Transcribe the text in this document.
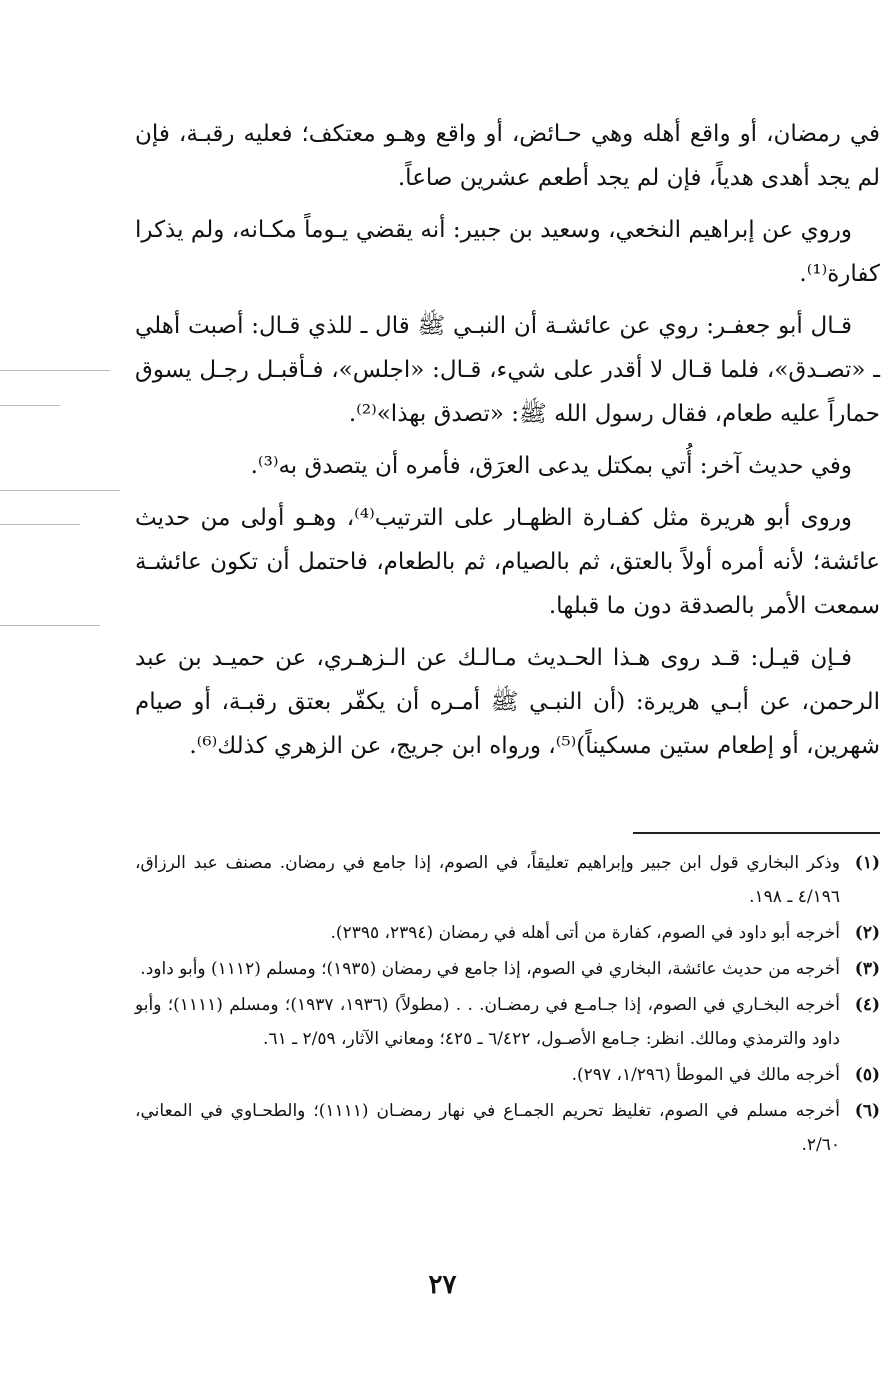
في رمضان، أو واقع أهله وهي حـائض، أو واقع وهـو معتكف؛ فعليه رقبـة، فإن لم يجد أهدى هدياً، فإن لم يجد أطعم عشرين صاعاً.

وروي عن إبراهيم النخعي، وسعيد بن جبير: أنه يقضي يـوماً مكـانه، ولم يذكرا كفارة⁽¹⁾.

قـال أبو جعفـر: روي عن عائشـة أن النبـي ﷺ قال ـ للذي قـال: أصبت أهلي ـ «تصـدق»، فلما قـال لا أقدر على شيء، قـال: «اجلس»، فـأقبـل رجـل يسوق حماراً عليه طعام، فقال رسول الله ﷺ: «تصدق بهذا»⁽²⁾.

وفي حديث آخر: أُتي بمكتل يدعى العرَق، فأمره أن يتصدق به⁽³⁾.

وروى أبو هريرة مثل كفـارة الظهـار على الترتيب⁽⁴⁾، وهـو أولى من حديث عائشة؛ لأنه أمره أولاً بالعتق، ثم بالصيام، ثم بالطعام، فاحتمل أن تكون عائشـة سمعت الأمر بالصدقة دون ما قبلها.

فـإن قيـل: قـد روى هـذا الحـديث مـالـك عن الـزهـري، عن حميـد بن عبد الرحمن، عن أبـي هريرة: (أن النبـي ﷺ أمـره أن يكفّر بعتق رقبـة، أو صيام شهرين، أو إطعام ستين مسكيناً)⁽⁵⁾، ورواه ابن جريج، عن الزهري كذلك⁽⁶⁾.

(١)
وذكر البخاري قول ابن جبير وإبراهيم تعليقاً، في الصوم، إذا جامع في رمضان. مصنف عبد الرزاق، ٤/١٩٦ ـ ١٩٨.
(٢)
أخرجه أبو داود في الصوم، كفارة من أتى أهله في رمضان (٢٣٩٤، ٢٣٩٥).
(٣)
أخرجه من حديث عائشة، البخاري في الصوم، إذا جامع في رمضان (١٩٣٥)؛ ومسلم (١١١٢) وأبو داود.
(٤)
أخرجه البخـاري في الصوم، إذا جـامـع في رمضـان. . . (مطولاً) (١٩٣٦، ١٩٣٧)؛ ومسلم (١١١١)؛ وأبو داود والترمذي ومالك. انظر: جـامع الأصـول، ٦/٤٢٢ ـ ٤٢٥؛ ومعاني الآثار، ٢/٥٩ ـ ٦١.
(٥)
أخرجه مالك في الموطأ (١/٢٩٦، ٢٩٧).
(٦)
أخرجه مسلم في الصوم، تغليظ تحريم الجمـاع في نهار رمضـان (١١١١)؛ والطحـاوي في المعاني، ٢/٦٠.
٢٧
